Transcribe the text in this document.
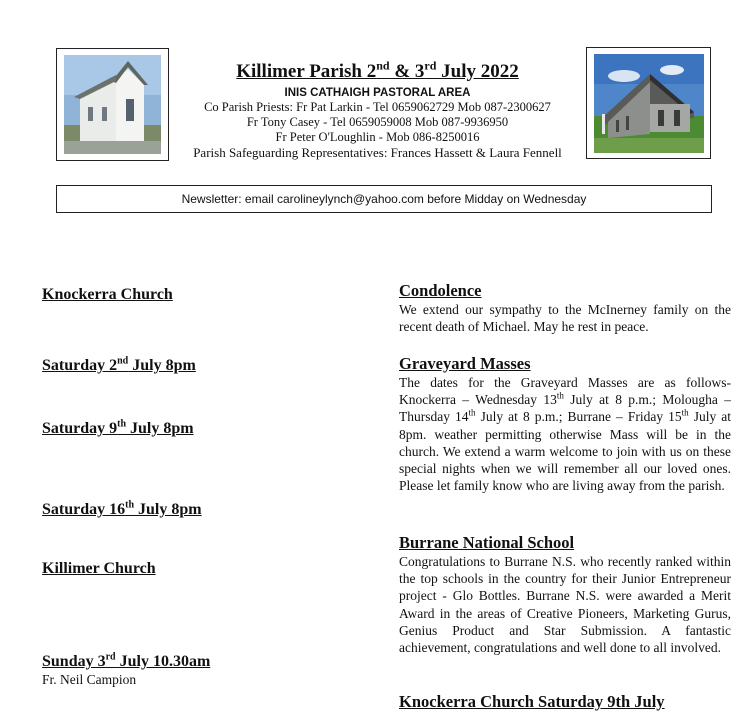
Killimer Parish 2nd & 3rd July 2022

INIS CATHAIGH PASTORAL AREA

Co Parish Priests: Fr Pat Larkin - Tel 0659062729 Mob 087-2300627

Fr Tony Casey - Tel 0659059008 Mob 087-9936950

Fr Peter O'Loughlin - Mob 086-8250016

Parish Safeguarding Representatives: Frances Hassett & Laura Fennell

Newsletter: email carolineylynch@yahoo.com before Midday on Wednesday

Knockerra Church

Saturday 2nd July 8pm

Saturday 9th July 8pm

Saturday 16th July 8pm

Killimer Church

Sunday 3rd July 10.30am

Fr. Neil Campion

Condolence

We extend our sympathy to the McInerney family on the recent death of Michael. May he rest in peace.

Graveyard Masses

The dates for the Graveyard Masses are as follows- Knockerra – Wednesday 13th July at 8 p.m.; Molougha – Thursday 14th July at 8 p.m.; Burrane – Friday 15th July at 8pm. weather permitting otherwise Mass will be in the church. We extend a warm welcome to join with us on these special nights when we will remember all our loved ones. Please let family know who are living away from the parish.

Burrane National School

Congratulations to Burrane N.S. who recently ranked within the top schools in the country for their Junior Entrepreneur project - Glo Bottles. Burrane N.S. were awarded a Merit Award in the areas of Creative Pioneers, Marketing Gurus, Genius Product and Star Submission. A fantastic achievement, congratulations and well done to all involved.

Knockerra Church Saturday 9th July
